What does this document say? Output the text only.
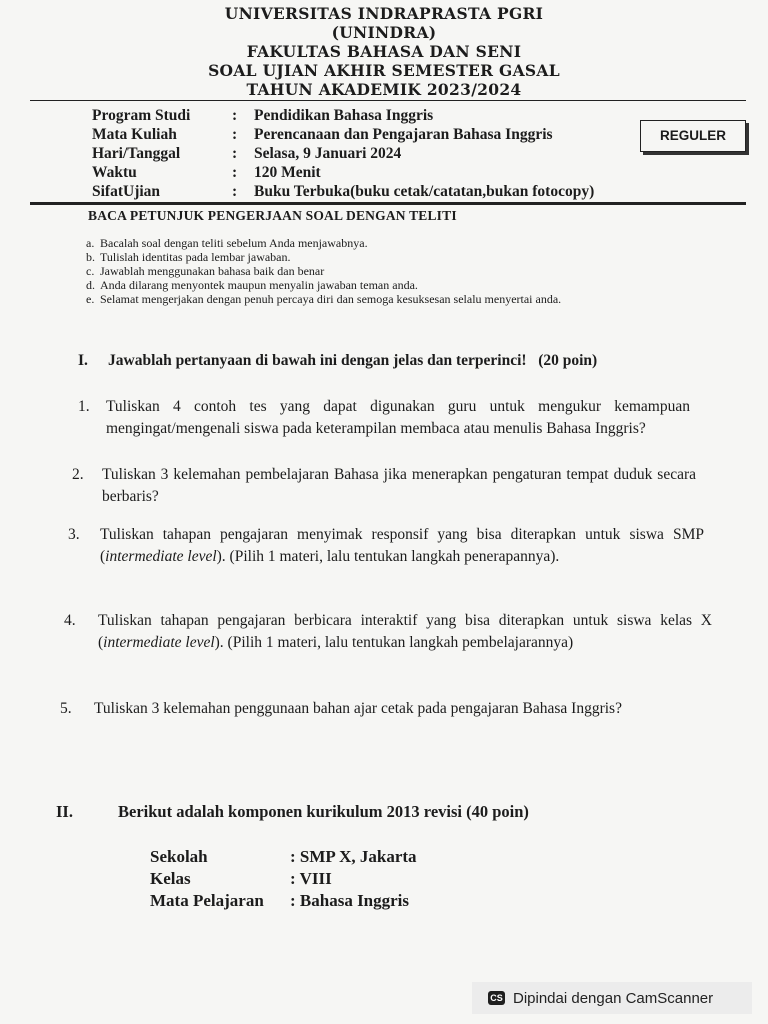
UNIVERSITAS INDRAPRASTA PGRI
(UNINDRA)
FAKULTAS BAHASA DAN SENI
SOAL UJIAN AKHIR SEMESTER GASAL
TAHUN AKADEMIK 2023/2024
Program Studi	: Pendidikan Bahasa Inggris
Mata Kuliah	: Perencanaan dan Pengajaran Bahasa Inggris
Hari/Tanggal	: Selasa, 9 Januari 2024
Waktu	: 120 Menit
SifatUjian	: Buku Terbuka(buku cetak/catatan,bukan fotocopy)
REGULER
BACA PETUNJUK PENGERJAAN SOAL DENGAN TELITI
a. Bacalah soal dengan teliti sebelum Anda menjawabnya.
b. Tulislah identitas pada lembar jawaban.
c. Jawablah menggunakan bahasa baik dan benar
d. Anda dilarang menyontek maupun menyalin jawaban teman anda.
e. Selamat mengerjakan dengan penuh percaya diri dan semoga kesuksesan selalu menyertai anda.
I. Jawablah pertanyaan di bawah ini dengan jelas dan terperinci! (20 poin)
1.	Tuliskan 4 contoh tes yang dapat digunakan guru untuk mengukur kemampuan mengingat/mengenali siswa pada keterampilan membaca atau menulis Bahasa Inggris?
2.	Tuliskan 3 kelemahan pembelajaran Bahasa jika menerapkan pengaturan tempat duduk secara berbaris?
3.	Tuliskan tahapan pengajaran menyimak responsif yang bisa diterapkan untuk siswa SMP (intermediate level). (Pilih 1 materi, lalu tentukan langkah penerapannya).
4.	Tuliskan tahapan pengajaran berbicara interaktif yang bisa diterapkan untuk siswa kelas X (intermediate level). (Pilih 1 materi, lalu tentukan langkah pembelajarannya)
5.	Tuliskan 3 kelemahan penggunaan bahan ajar cetak pada pengajaran Bahasa Inggris?
II.	Berikut adalah komponen kurikulum 2013 revisi (40 poin)
Sekolah	: SMP X, Jakarta
Kelas	: VIII
Mata Pelajaran : Bahasa Inggris
CS Dipindai dengan CamScanner
